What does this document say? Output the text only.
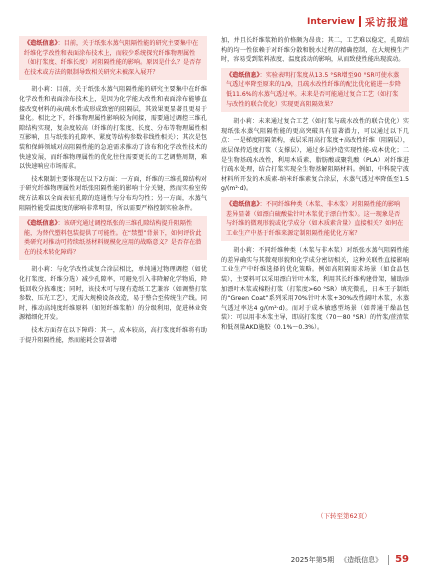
Interview 采访报道
《造纸信息》：目前，关于纸张水蒸气阻隔性能的研究主要集中在纤维化学改性和表面涂布技术上，而较少系统探究纤维物理属性（如打浆度、纤维长度）对阻隔性能的影响。原因是什么？是否存在技术或方法的限制导致相关研究未被深入展开？

胡小莉：目前，关于纸张水蒸气阻隔性能的研究主要集中在纤维化学改性和表面涂布技术上，是因为化学能大改性和表面涂布能够直接改变材料的亲/疏水性或形成致密的阻隔层，其效果更显著且更易于量化。相比之下，纤维物理属性影响较为间接，需要通过调控三维孔隙结构实现，复杂度较高（纤维的打浆度、长度、分布等物理属性相互影响，且与纸张的孔隙率、紧度等结构参数非线性相关）；其次是包装和保鲜领域对高阻隔性能的急迫需求推动了涂布和化学改性技术的快速发展，而纤维物理属性的优化往往需要更长的工艺调整周期，难以快速响应市场需求。

技术限制主要体现在以下2方面：一方面，纤维的三维孔隙结构对于研究纤维物理属性对纸张阻隔性能的影响十分关键，然而实验室传统方法难以全面表征孔隙的连通性与分布均匀性；另一方面，水蒸气阻隔性能受温度度的影响非常明显，所以需要严格控制实验条件。

《造纸信息》：该研究通过调控纸张的三维孔隙结构提升阻隔性能，为替代塑料包装提供了可能性。在“禁塑”背景下，如何评价此类研究对推动可持续纸基材料规模化应用的战略意义？是否存在潜在的技术转化障碍？

胡小莉：与化学改性或复合涂层相比，单纯通过物理调控（如优化打浆度、纤维分选）减少孔隙率，可避免引入非降解化学物质，降低回收分拣难度；同时，该技术可与现有造纸工艺兼容（如调整打浆参数、压光工艺），无需大规模设备改造，易于整合至传统生产线。同时，推动高纯度纤维原料（如短纤维浆粕）的分级利用，促进林业资源精细化开发。

技术方面存在以下障碍：其一，成本较高，高打浆度纤维将有助于提升阻隔性能，然而能耗会显著增

加，并且长纤维浆粕的价格颇为昂贵；其二，工艺难以稳定，孔隙结构的均一性依赖于对纤维分散和脱水过程的精确控制，在大规模生产时，容易受到浆料浓度、温度波动的影响，从而致使性能出现波动。

《造纸信息》：实验表明打浆度从13.5 °SR增至90 °SR可使水蒸气透过率降至原来的1/9，且疏水改性纤维的配比优化能进一步降低11.6%的水蒸气透过率。未来是否可能通过复合工艺（如打浆与改性的联合优化）实现更高阻隔效果？

胡小莉：未来通过复合工艺（如打浆与疏水改性的联合优化）实现纸张水蒸气阻隔性能的更高突破具有显著潜力，可以通过以下几点：一是梯度阻隔架构，表层采用高打浆度+高改性纤维（阻隔层），底层保持适度打浆（支撑层），通过多层抄造实现性能-成本优化；二是生物基疏水改性，利用木质素、脂肪酸或聚乳酸（PLA）对纤维进行疏水处理，结合打浆实现全生物基解阻隔材料。例如，中科院宁波材料所开发的木质素-纳米纤维素复合涂层，水蒸气透过率降低至1.5 g/(m²·d)。

《造纸信息》：不同纤维种类（木浆、非木浆）对阻隔性能的影响差异显著（如漂白硫酸盐针叶木浆优于漂白竹浆）。这一现象是否与纤维的微观形貌或化学成分（如木质素含量）直接相关？如何在工业生产中基于纤维来源定制阻隔性能优化方案？

胡小莉：不同纤维种类（木浆与非木浆）对纸张水蒸气阻隔性能的差异确实与其微观形貌和化学成分密切相关，这种关联性直接影响工业生产中纤维选择的优化策略。例如高阻隔需求场景（如食品包装），主要料可以采用漂白针叶木浆，利用其长纤维构建骨架，辅助添加漂叶木浆或棉粉打浆（打浆度>60 °SR）填充微孔，日本王子制纸的“Green Coat”系列采用70%针叶木浆+30%改性阔叶木浆，水蒸气透过率达4 g/(m²·d)。而对于成本敏感型场景（如普通干燥品包装）：可以用非木浆主导，即高打浆度（70～80 °SR）的竹浆/蔗渣浆和低剂量AKD施胶（0.1%～0.3%）。

（下转至第62页）
2025年第5期 《造纸信息》 59
